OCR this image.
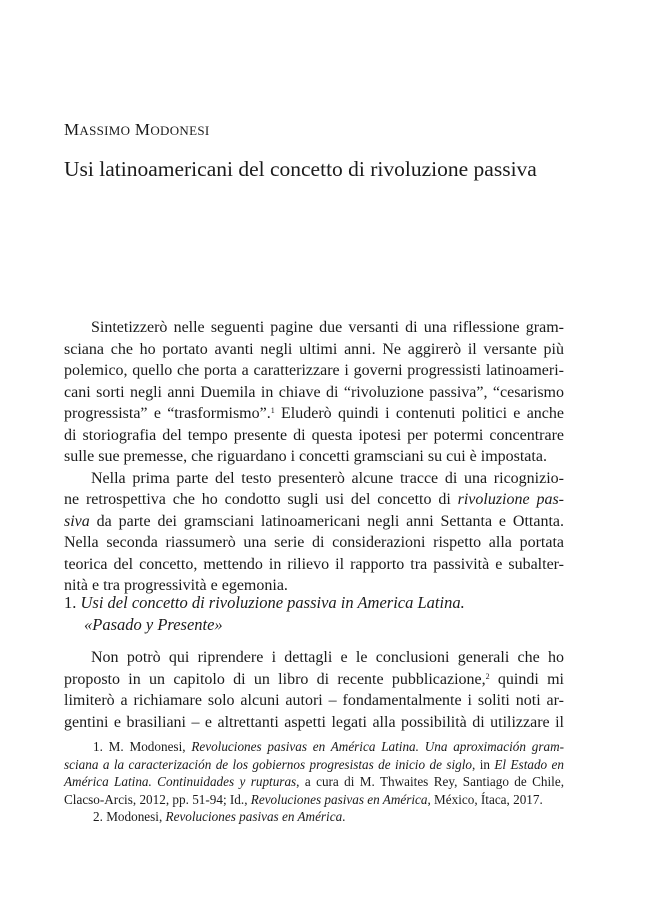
MASSIMO MODONESI
Usi latinoamericani del concetto di rivoluzione passiva

Sintetizzerò nelle seguenti pagine due versanti di una riflessione gram-
sciana che ho portato avanti negli ultimi anni. Ne aggirerò il versante più
polemico, quello che porta a caratterizzare i governi progressisti latinoameri-
cani sorti negli anni Duemila in chiave di “rivoluzione passiva”, “cesarismo
progressista” e “trasformismo”.$^1$ Eluderò quindi i contenuti politici e anche
di storiografia del tempo presente di questa ipotesi per potermi concentrare
sulle sue premesse, che riguardano i concetti gramsciani su cui è impostata.

Nella prima parte del testo presenterò alcune tracce di una ricognizio-
ne retrospettiva che ho condotto sugli usi del concetto di rivoluzione pas-
siva da parte dei gramsciani latinoamericani negli anni Settanta e Ottanta.
Nella seconda riassumerò una serie di considerazioni rispetto alla portata
teorica del concetto, mettendo in rilievo il rapporto tra passività e subalter-
nità e tra progressività e egemonia.

1. Usi del concetto di rivoluzione passiva in America Latina.
«Pasado y Presente»

Non potrò qui riprendere i dettagli e le conclusioni generali che ho
proposto in un capitolo di un libro di recente pubblicazione,$^2$ quindi mi
limiterò a richiamare solo alcuni autori – fondamentalmente i soliti noti ar-
gentini e brasiliani – e altrettanti aspetti legati alla possibilità di utilizzare il

1. M. Modonesi, Revoluciones pasivas en América Latina. Una aproximación gram-
sciana a la caracterización de los gobiernos progresistas de inicio de siglo, in El Estado en
América Latina. Continuidades y rupturas, a cura di M. Thwaites Rey, Santiago de Chile,
Clacso-Arcis, 2012, pp. 51-94; Id., Revoluciones pasivas en América, México, Ítaca, 2017.
2. Modonesi, Revoluciones pasivas en América.
